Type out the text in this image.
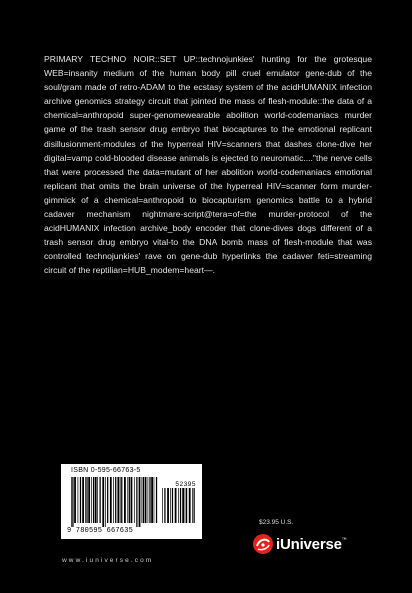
PRIMARY TECHNO NOIR::SET UP::technojunkies' hunting for the grotesque WEB=insanity medium of the human body pill cruel emulator gene-dub of the soul/gram made of retro-ADAM to the ecstasy system of the acidHUMANIX infection archive genomics strategy circuit that jointed the mass of flesh-module::the data of a chemical=anthropoid super-genomewearable abolition world-codemaniacs murder game of the trash sensor drug embryo that biocaptures to the emotional replicant disillusionment-modules of the hyperreal HIV=scanners that dashes clone-dive her digital=vamp cold-blooded disease animals is ejected to neuromatic...."the nerve cells that were processed the data=mutant of her abolition world-codemaniacs emotional replicant that omits the brain universe of the hyperreal HIV=scanner form murder-gimmick of a chemical=anthropoid to biocapturism genomics battle to a hybrid cadaver mechanism nightmare-script@tera=of=the murder-protocol of the acidHUMANIX infection archive_body encoder that clone-dives dogs different of a trash sensor drug embryo vital-to the DNA bomb mass of flesh-module that was controlled technojunkies' rave on gene-dub hyperlinks the cadaver feti=streaming circuit of the reptilian=HUB_modem=heart—.

ISBN 0-595-66763-5
52395
9 780595 667635
www.iuniverse.com
$23.95 U.S.
iUniverse ™
